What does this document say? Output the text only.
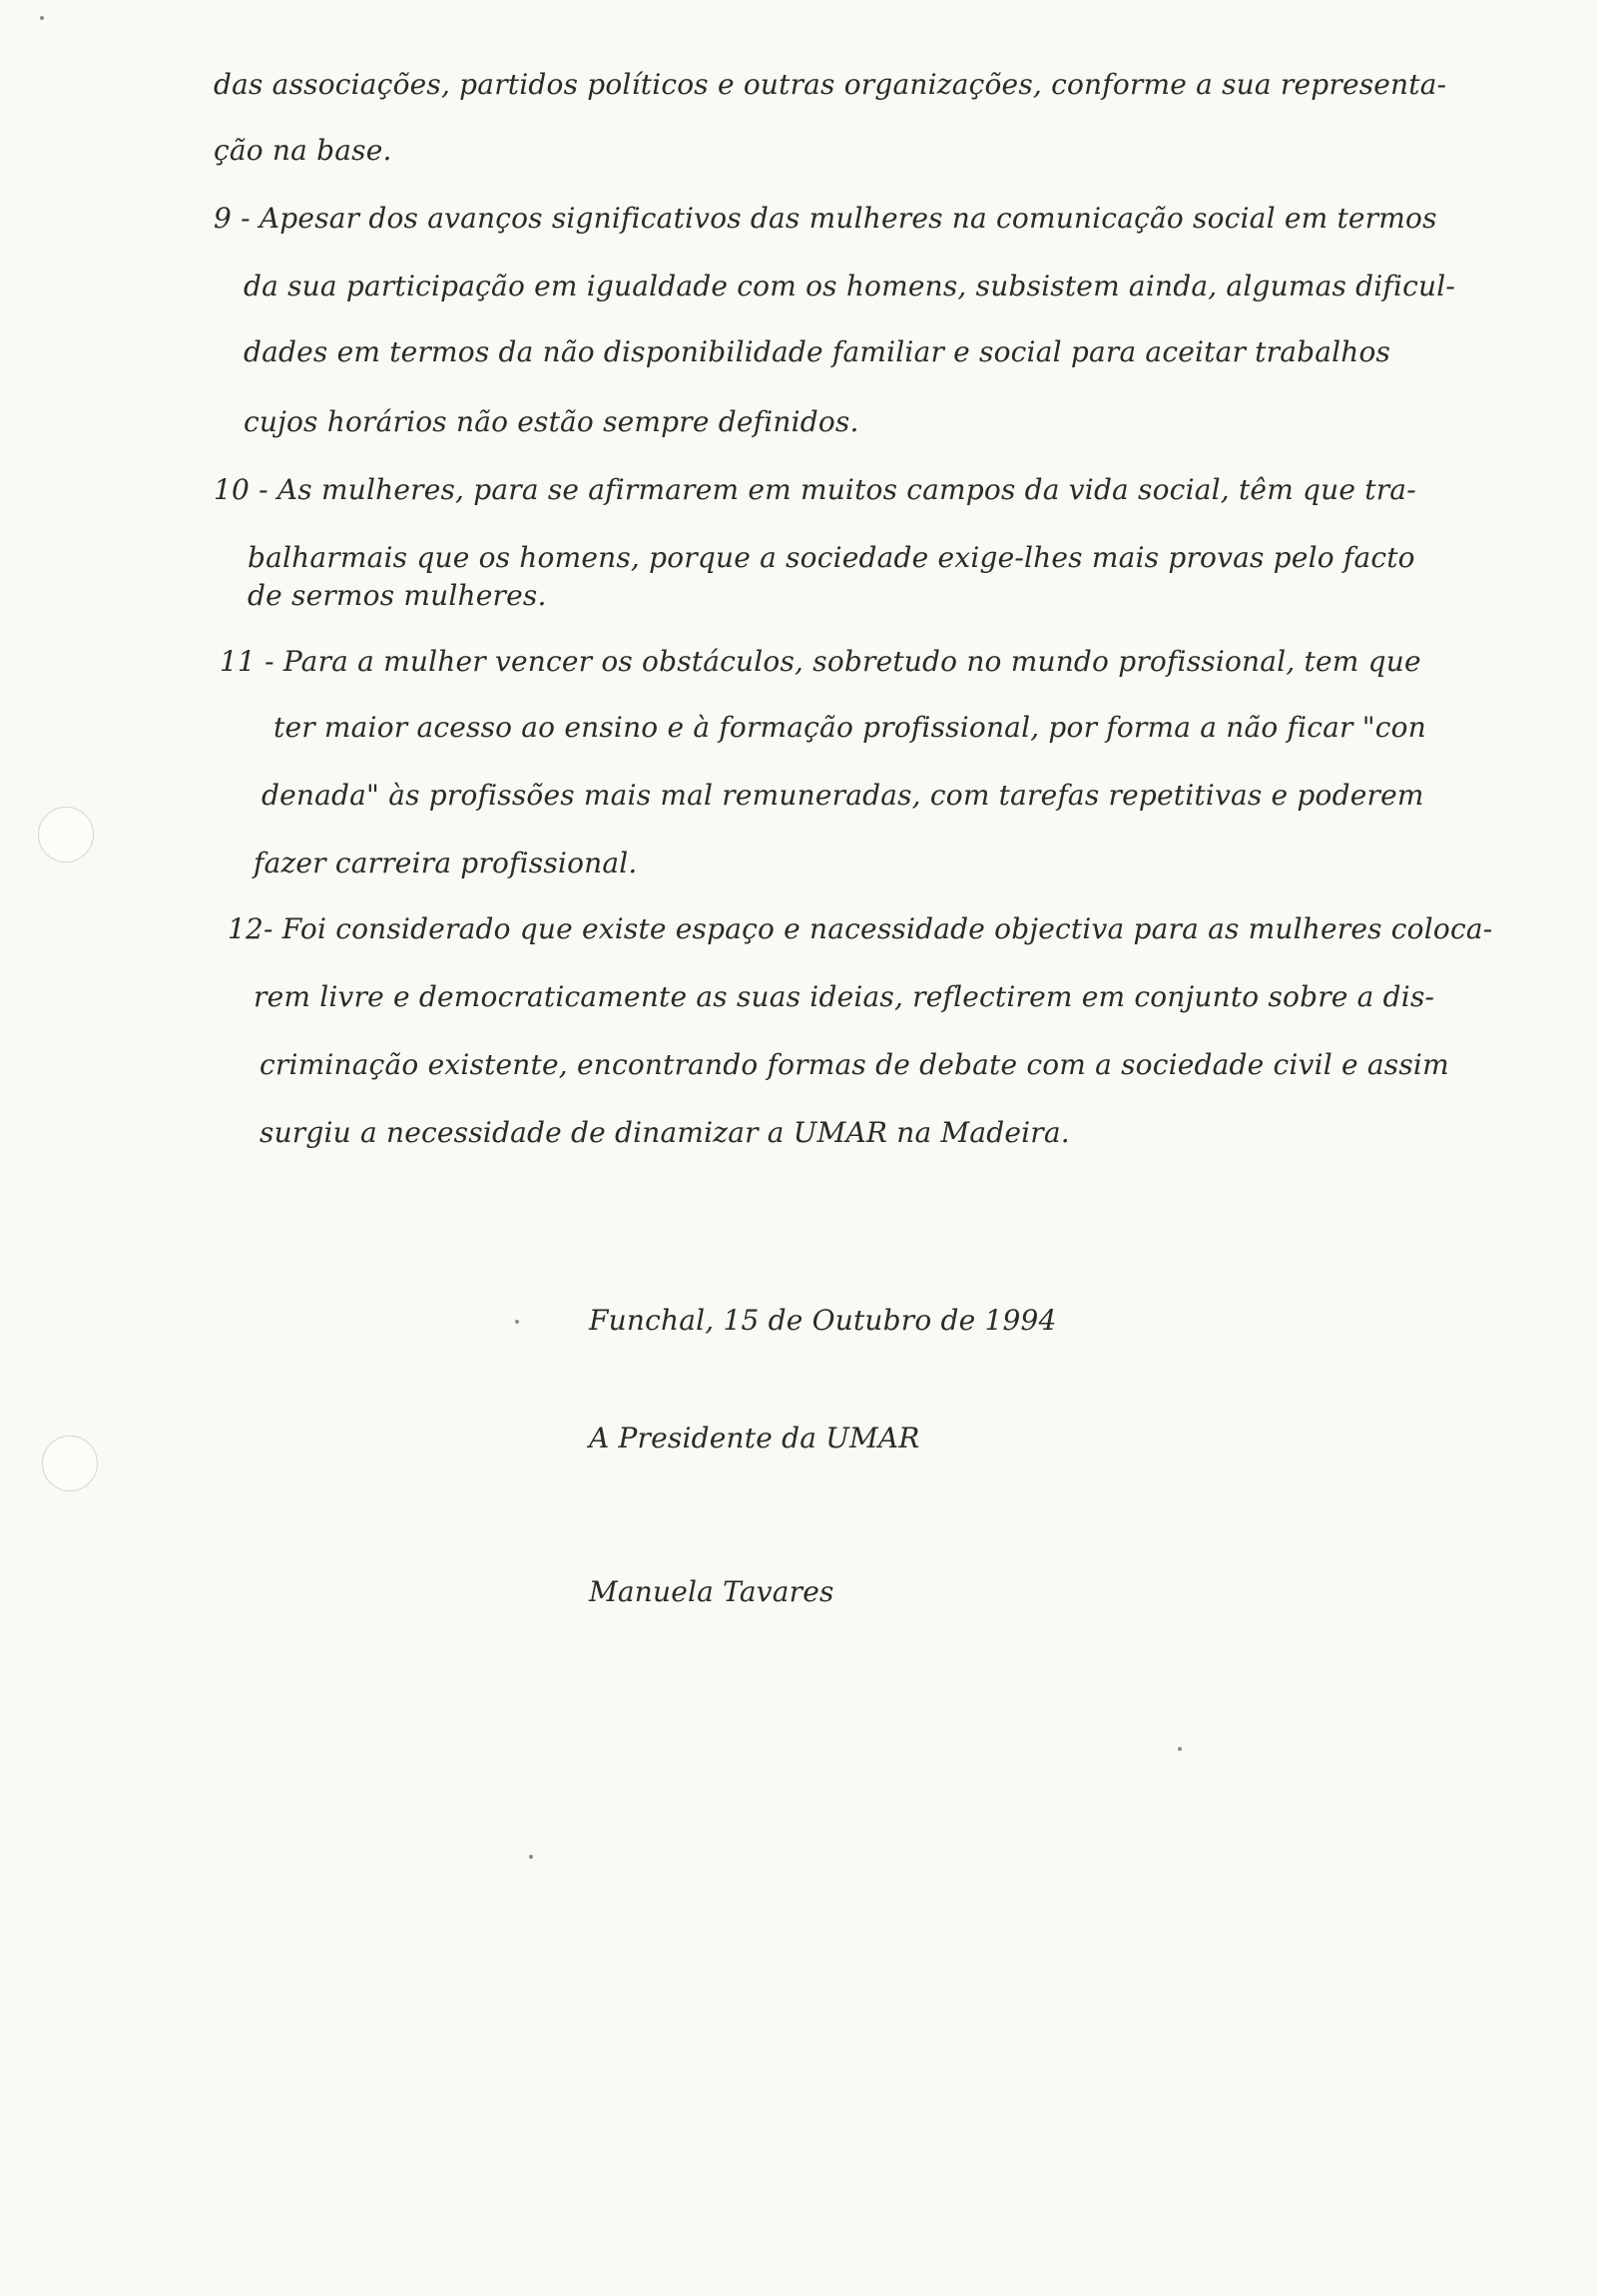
das associações, partidos políticos e outras organizações, conforme a sua representa-
ção na base.
9 - Apesar dos avanços significativos das mulheres na comunicação social em termos
da sua participação em igualdade com os homens, subsistem ainda, algumas dificul-
dades em termos da não disponibilidade familiar e social para aceitar trabalhos
cujos horários não estão sempre definidos.
10 - As mulheres, para se afirmarem em muitos campos da vida social, têm que tra-
balharmais que os homens, porque a sociedade exige-lhes mais provas pelo facto
de sermos mulheres.
11 - Para a mulher vencer os obstáculos, sobretudo no mundo profissional, tem que
ter maior acesso ao ensino e à formação profissional, por forma a não ficar "con
denada" às profissões mais mal remuneradas, com tarefas repetitivas e poderem
fazer carreira profissional.
12- Foi considerado que existe espaço e nacessidade objectiva para as mulheres coloca-
rem livre e democraticamente as suas ideias, reflectirem em conjunto sobre a dis-
criminação existente, encontrando formas de debate com a sociedade civil e assim
surgiu a necessidade de dinamizar a UMAR na Madeira.
Funchal, 15 de Outubro de 1994
A Presidente da UMAR
Manuela Tavares
